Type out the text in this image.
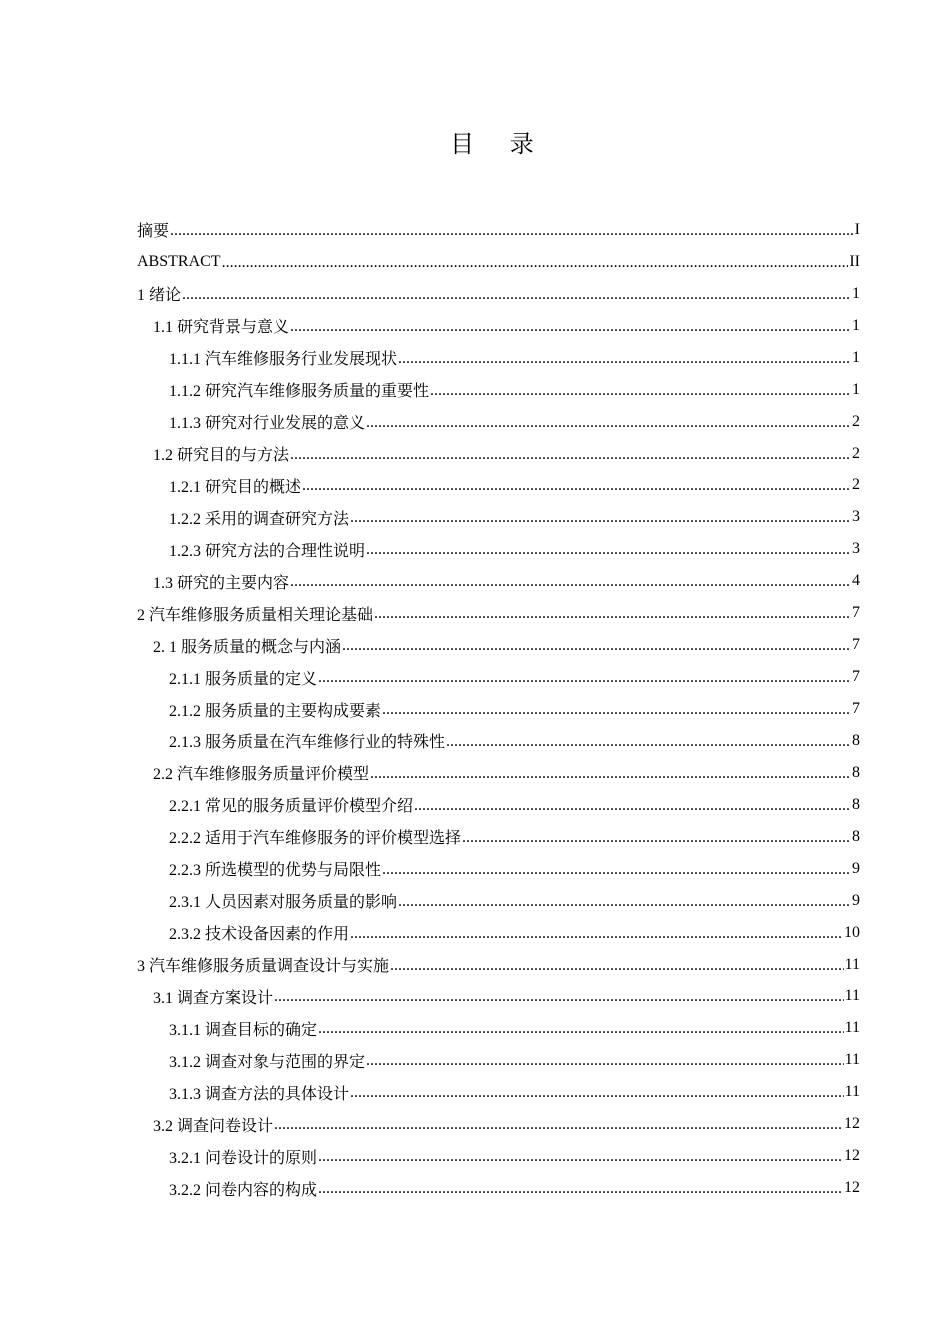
目 录
摘要 .....	I
ABSTRACT .....	II
1 绪论 .....	1
1.1 研究背景与意义 .....	1
1.1.1 汽车维修服务行业发展现状 .....	1
1.1.2 研究汽车维修服务质量的重要性 .....	1
1.1.3 研究对行业发展的意义 .....	2
1.2 研究目的与方法 .....	2
1.2.1 研究目的概述 .....	2
1.2.2 采用的调查研究方法 .....	3
1.2.3 研究方法的合理性说明 .....	3
1.3 研究的主要内容 .....	4
2 汽车维修服务质量相关理论基础 .....	7
2. 1 服务质量的概念与内涵 .....	7
2.1.1 服务质量的定义 .....	7
2.1.2 服务质量的主要构成要素 .....	7
2.1.3 服务质量在汽车维修行业的特殊性 .....	8
2.2 汽车维修服务质量评价模型 .....	8
2.2.1 常见的服务质量评价模型介绍 .....	8
2.2.2 适用于汽车维修服务的评价模型选择 .....	8
2.2.3 所选模型的优势与局限性 .....	9
2.3.1 人员因素对服务质量的影响 .....	9
2.3.2 技术设备因素的作用 .....	10
3 汽车维修服务质量调查设计与实施 .....	11
3.1 调查方案设计 .....	11
3.1.1 调查目标的确定 .....	11
3.1.2 调查对象与范围的界定 .....	11
3.1.3 调查方法的具体设计 .....	11
3.2 调查问卷设计 .....	12
3.2.1 问卷设计的原则 .....	12
3.2.2 问卷内容的构成 .....	12
